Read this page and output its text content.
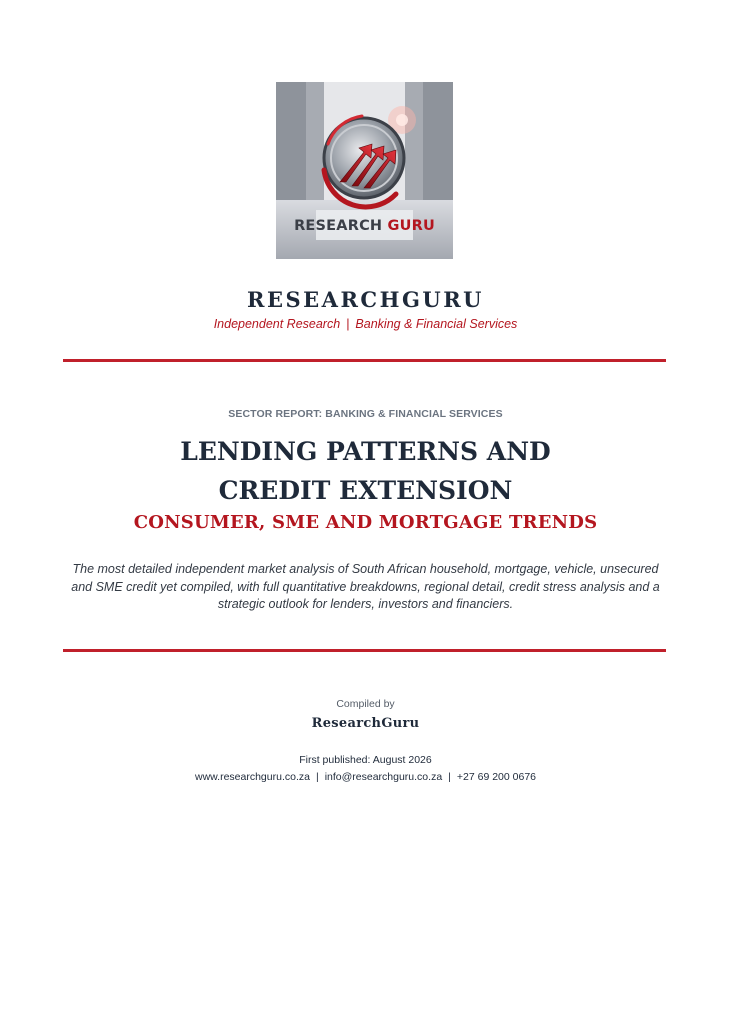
RESEARCH GURU
RESEARCHGURU
Independent Research | Banking & Financial Services
SECTOR REPORT: BANKING & FINANCIAL SERVICES
LENDING PATTERNS AND
CREDIT EXTENSION
CONSUMER, SME AND MORTGAGE TRENDS
The most detailed independent market analysis of South African household, mortgage, vehicle, unsecured and SME credit yet compiled, with full quantitative breakdowns, regional detail, credit stress analysis and a strategic outlook for lenders, investors and financiers.
Compiled by
ResearchGuru
First published: August 2026
www.researchguru.co.za | info@researchguru.co.za | +27 69 200 0676
